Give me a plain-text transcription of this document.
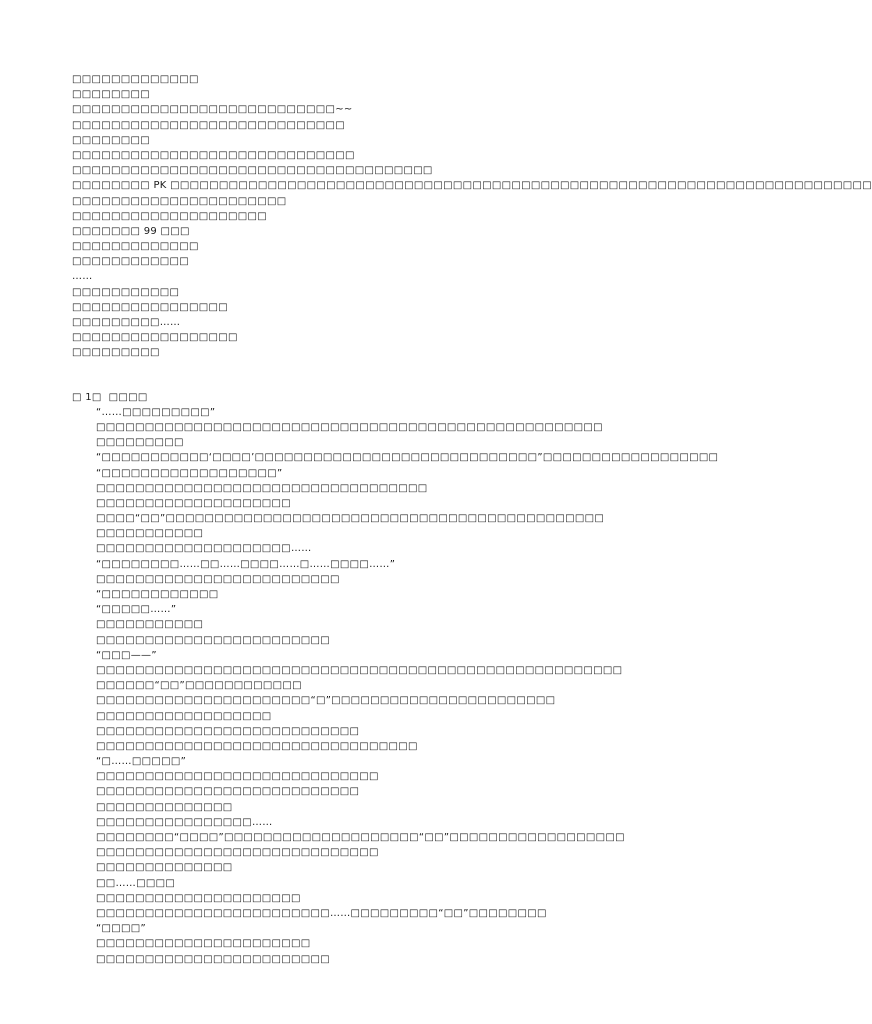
□□□□□□□□□□□□□
□□□□□□□□
□□□□□□□□□□□□□□□□□□□□□□□□□□□~~
□□□□□□□□□□□□□□□□□□□□□□□□□□□□
□□□□□□□□
□□□□□□□□□□□□□□□□□□□□□□□□□□□□□
□□□□□□□□□□□□□□□□□□□□□□□□□□□□□□□□□□□□□
□□□□□□□□ PK □□□□□□□□□□□□□□□□□□□□□□□□□□□□□□□□□□□□□□□□□□□□□□□□□□□□□□□□□□□□□□□□□□□□□□□□
□□□□□□□□□□□□□□□□□□□□□□
□□□□□□□□□□□□□□□□□□□□
□□□□□□□ 99 □□□
□□□□□□□□□□□□□
□□□□□□□□□□□□
……
□□□□□□□□□□□
□□□□□□□□□□□□□□□□
□□□□□□□□□……
□□□□□□□□□□□□□□□□□
□□□□□□□□□
□ 1□  □□□□
“……□□□□□□□□□”
□□□□□□□□□□□□□□□□□□□□□□□□□□□□□□□□□□□□□□□□□□□□□□□□□□□□
□□□□□□□□□
“□□□□□□□□□□□‘□□□□’□□□□□□□□□□□□□□□□□□□□□□□□□□□□□”□□□□□□□□□□□□□□□□□□
“□□□□□□□□□□□□□□□□□□”
□□□□□□□□□□□□□□□□□□□□□□□□□□□□□□□□□□
□□□□□□□□□□□□□□□□□□□□
□□□□“□□”□□□□□□□□□□□□□□□□□□□□□□□□□□□□□□□□□□□□□□□□□□□□□
□□□□□□□□□□□
□□□□□□□□□□□□□□□□□□□□……
“□□□□□□□□……□□……□□□□……□……□□□□……”
□□□□□□□□□□□□□□□□□□□□□□□□□
“□□□□□□□□□□□□
“□□□□□……”
□□□□□□□□□□□
□□□□□□□□□□□□□□□□□□□□□□□□
“□□□——”
□□□□□□□□□□□□□□□□□□□□□□□□□□□□□□□□□□□□□□□□□□□□□□□□□□□□□□
□□□□□□“□□”□□□□□□□□□□□□
□□□□□□□□□□□□□□□□□□□□□□“□”□□□□□□□□□□□□□□□□□□□□□□□
□□□□□□□□□□□□□□□□□□
□□□□□□□□□□□□□□□□□□□□□□□□□□□
□□□□□□□□□□□□□□□□□□□□□□□□□□□□□□□□□
“□……□□□□□”
□□□□□□□□□□□□□□□□□□□□□□□□□□□□□
□□□□□□□□□□□□□□□□□□□□□□□□□□□
□□□□□□□□□□□□□□
□□□□□□□□□□□□□□□□……
□□□□□□□□“□□□□”□□□□□□□□□□□□□□□□□□□□“□□”□□□□□□□□□□□□□□□□□□
□□□□□□□□□□□□□□□□□□□□□□□□□□□□□
□□□□□□□□□□□□□□
□□……□□□□
□□□□□□□□□□□□□□□□□□□□□
□□□□□□□□□□□□□□□□□□□□□□□□……□□□□□□□□□“□□”□□□□□□□□
“□□□□”
□□□□□□□□□□□□□□□□□□□□□□
□□□□□□□□□□□□□□□□□□□□□□□□
